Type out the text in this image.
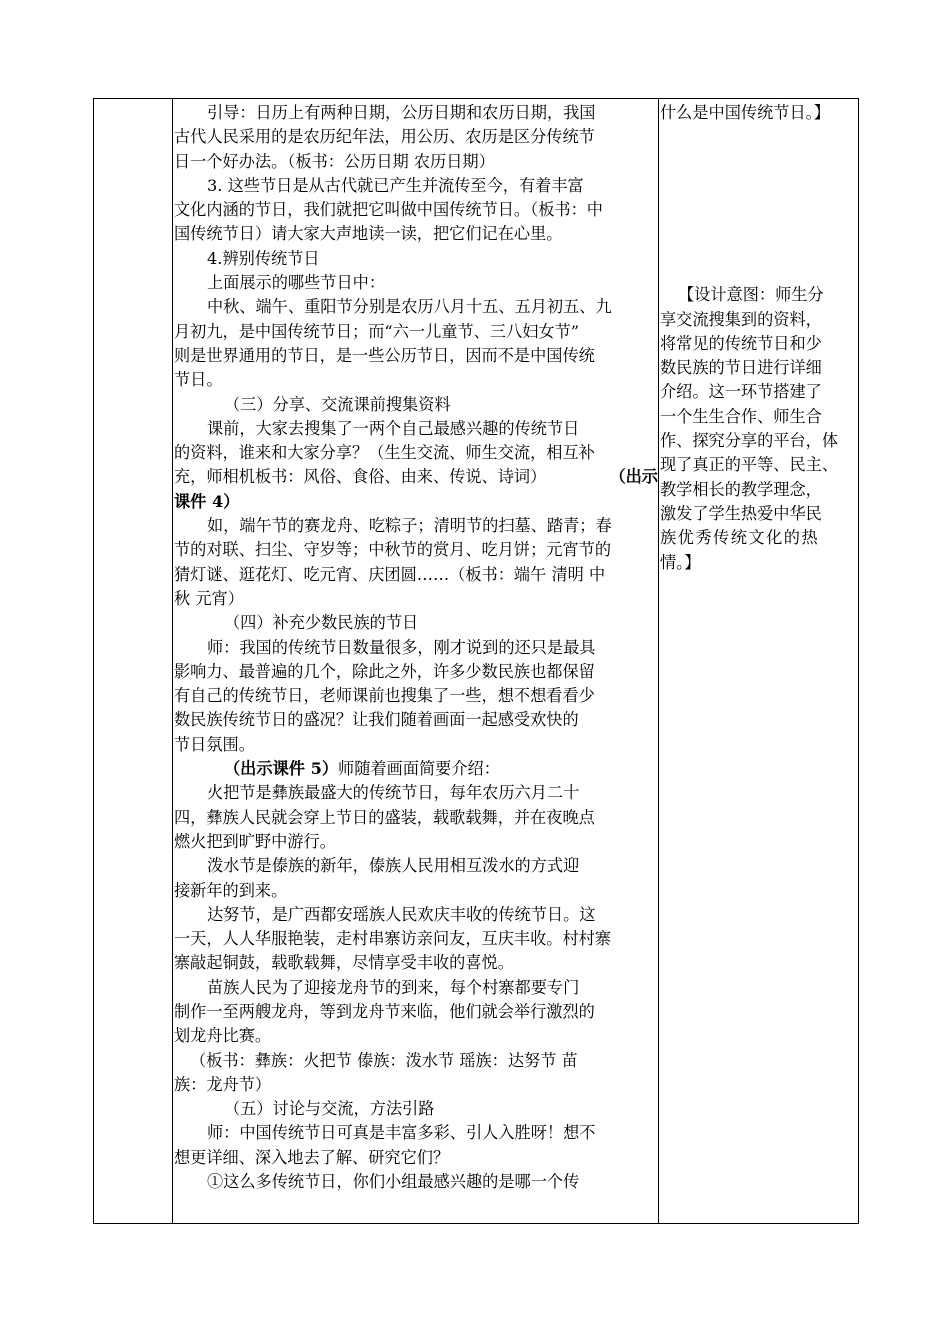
引导：日历上有两种日期，公历日期和农历日期，我国
古代人民采用的是农历纪年法，用公历、农历是区分传统节
日一个好办法。（板书：公历日期 农历日期）
3. 这些节日是从古代就已产生并流传至今，有着丰富
文化内涵的节日，我们就把它叫做中国传统节日。（板书：中
国传统节日）请大家大声地读一读，把它们记在心里。
4.辨别传统节日
上面展示的哪些节日中：
中秋、端午、重阳节分别是农历八月十五、五月初五、九
月初九，是中国传统节日；而“六一儿童节、三八妇女节”
则是世界通用的节日，是一些公历节日，因而不是中国传统
节日。
（三）分享、交流课前搜集资料
课前，大家去搜集了一两个自己最感兴趣的传统节日
的资料，谁来和大家分享？（生生交流、师生交流，相互补
充，师相机板书：风俗、食俗、由来、传说、诗词）	（出示
课件 4）
如，端午节的赛龙舟、吃粽子；清明节的扫墓、踏青；春
节的对联、扫尘、守岁等；中秋节的赏月、吃月饼；元宵节的
猜灯谜、逛花灯、吃元宵、庆团圆……（板书：端午 清明 中
秋 元宵）
（四）补充少数民族的节日
师：我国的传统节日数量很多，刚才说到的还只是最具
影响力、最普遍的几个，除此之外，许多少数民族也都保留
有自己的传统节日，老师课前也搜集了一些，想不想看看少
数民族传统节日的盛况？让我们随着画面一起感受欢快的
节日氛围。
（出示课件 5）师随着画面简要介绍：
火把节是彝族最盛大的传统节日，每年农历六月二十
四，彝族人民就会穿上节日的盛装，载歌载舞，并在夜晚点
燃火把到旷野中游行。
泼水节是傣族的新年，傣族人民用相互泼水的方式迎
接新年的到来。
达努节，是广西都安瑶族人民欢庆丰收的传统节日。这
一天，人人华服艳装，走村串寨访亲问友，互庆丰收。村村寨
寨敲起铜鼓，载歌载舞，尽情享受丰收的喜悦。
苗族人民为了迎接龙舟节的到来，每个村寨都要专门
制作一至两艘龙舟，等到龙舟节来临，他们就会举行激烈的
划龙舟比赛。
（板书：彝族：火把节 傣族：泼水节 瑶族：达努节 苗
族：龙舟节）
（五）讨论与交流，方法引路
师：中国传统节日可真是丰富多彩、引人入胜呀！想不
想更详细、深入地去了解、研究它们？
①这么多传统节日，你们小组最感兴趣的是哪一个传
什么是中国传统节日。】
【设计意图：师生分
享交流搜集到的资料，
将常见的传统节日和少
数民族的节日进行详细
介绍。这一环节搭建了
一个生生合作、师生合
作、探究分享的平台，体
现了真正的平等、民主、
教学相长的教学理念，
激发了学生热爱中华民
族优秀传统文化的热
情。】
